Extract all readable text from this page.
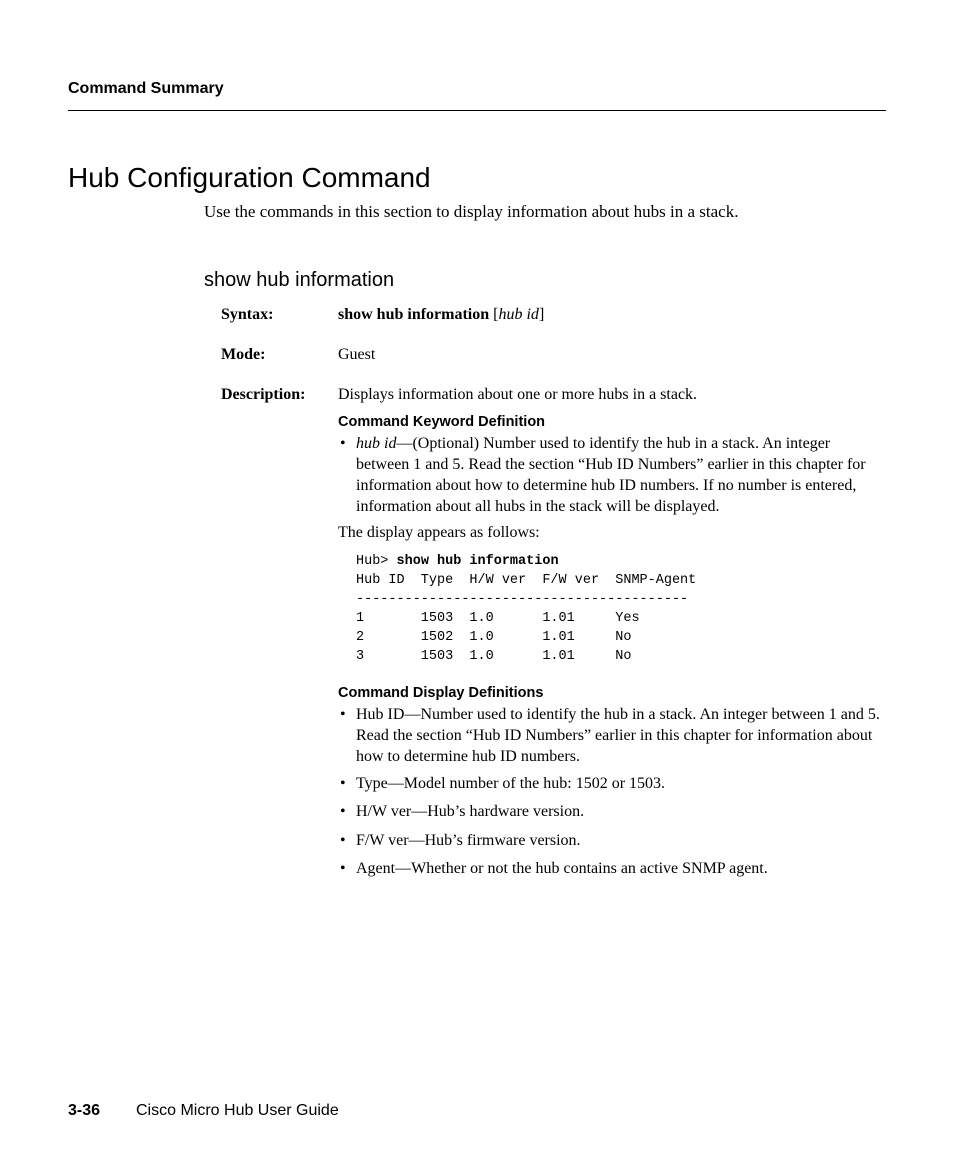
Command Summary
Hub Configuration Command
Use the commands in this section to display information about hubs in a stack.
show hub information
Syntax:	show hub information [hub id]
Mode:	Guest
Description: Displays information about one or more hubs in a stack.
Command Keyword Definition
• hub id—(Optional) Number used to identify the hub in a stack. An integer between 1 and 5. Read the section “Hub ID Numbers” earlier in this chapter for information about how to determine hub ID numbers. If no number is entered, information about all hubs in the stack will be displayed.
The display appears as follows:
Hub> show hub information
Hub ID  Type  H/W ver  F/W ver  SNMP-Agent
-----------------------------------------
1       1503  1.0      1.01     Yes
2       1502  1.0      1.01     No
3       1503  1.0      1.01     No
Command Display Definitions
• Hub ID—Number used to identify the hub in a stack. An integer between 1 and 5. Read the section “Hub ID Numbers” earlier in this chapter for information about how to determine hub ID numbers.
• Type—Model number of the hub: 1502 or 1503.
• H/W ver—Hub’s hardware version.
• F/W ver—Hub’s firmware version.
• Agent—Whether or not the hub contains an active SNMP agent.
3-36 Cisco Micro Hub User Guide
